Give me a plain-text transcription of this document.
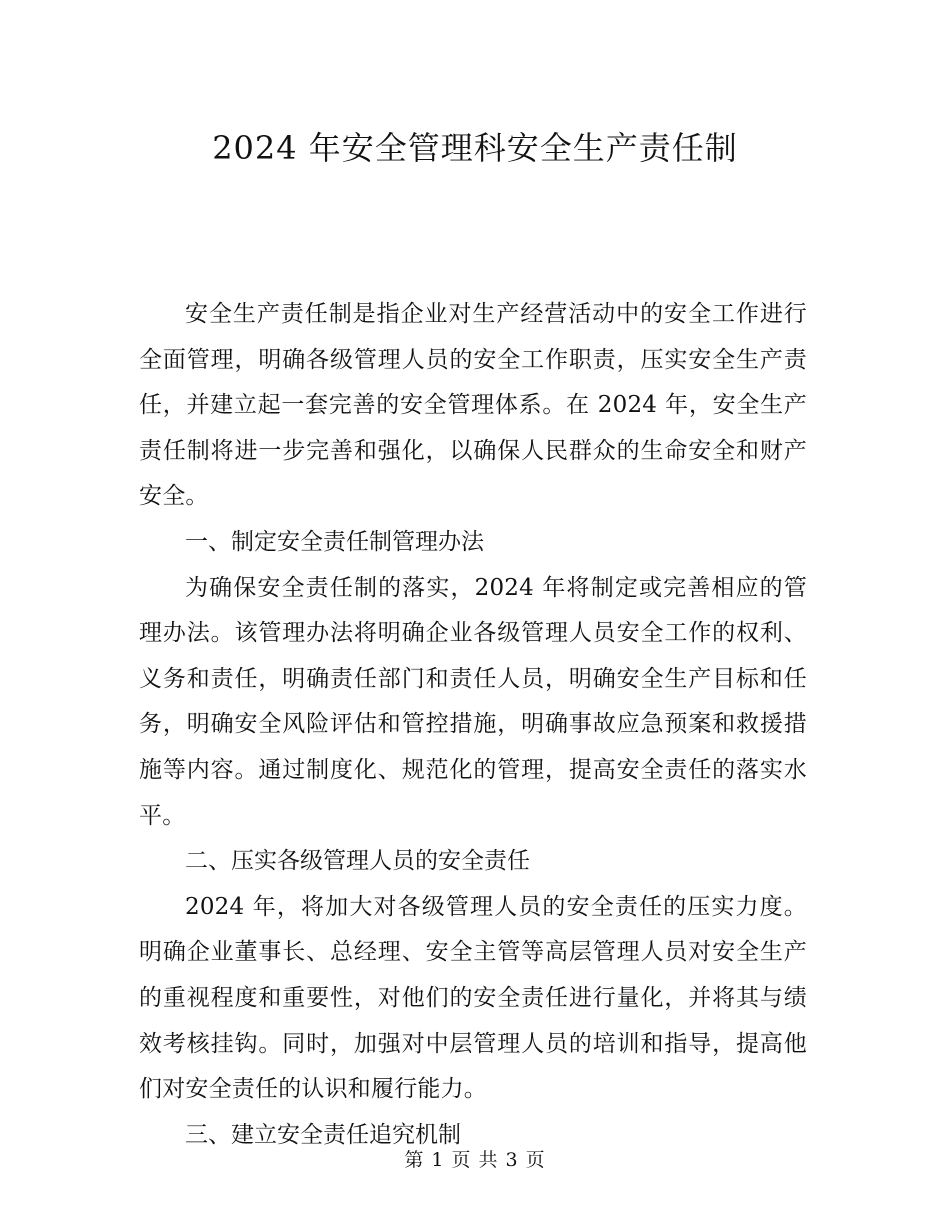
2024 年安全管理科安全生产责任制

安全生产责任制是指企业对生产经营活动中的安全工作进行全面管理，明确各级管理人员的安全工作职责，压实安全生产责任，并建立起一套完善的安全管理体系。在 2024 年，安全生产责任制将进一步完善和强化，以确保人民群众的生命安全和财产安全。

一、制定安全责任制管理办法

为确保安全责任制的落实，2024 年将制定或完善相应的管理办法。该管理办法将明确企业各级管理人员安全工作的权利、义务和责任，明确责任部门和责任人员，明确安全生产目标和任务，明确安全风险评估和管控措施，明确事故应急预案和救援措施等内容。通过制度化、规范化的管理，提高安全责任的落实水平。

二、压实各级管理人员的安全责任

2024 年，将加大对各级管理人员的安全责任的压实力度。明确企业董事长、总经理、安全主管等高层管理人员对安全生产的重视程度和重要性，对他们的安全责任进行量化，并将其与绩效考核挂钩。同时，加强对中层管理人员的培训和指导，提高他们对安全责任的认识和履行能力。

三、建立安全责任追究机制

第 1 页 共 3 页
